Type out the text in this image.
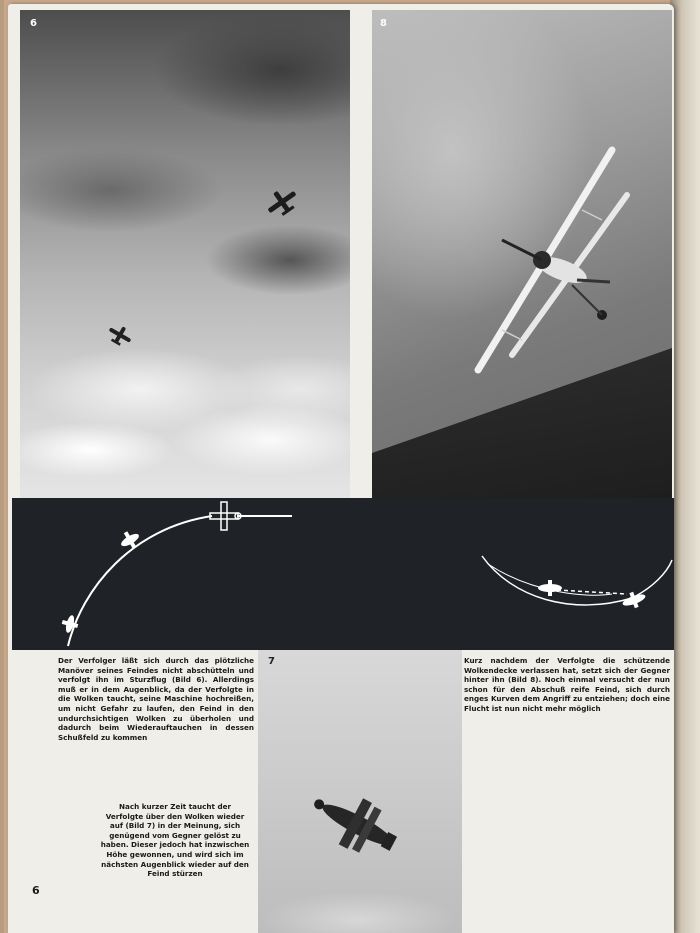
6	8
7
Der Verfolger läßt sich durch das plötzliche Manöver seines Feindes nicht abschütteln und verfolgt ihn im Sturzflug (Bild 6). Allerdings muß er in dem Augenblick, da der Verfolgte in die Wolken taucht, seine Maschine hochreißen, um nicht Gefahr zu laufen, den Feind in den undurchsichtigen Wolken zu überholen und dadurch beim Wiederauftauchen in dessen Schußfeld zu kommen
Kurz nachdem der Verfolgte die schützende Wolkendecke verlassen hat, setzt sich der Gegner hinter ihn (Bild 8). Noch einmal versucht der nun schon für den Abschuß reife Feind, sich durch enges Kurven dem Angriff zu entziehen; doch eine Flucht ist nun nicht mehr möglich
Nach kurzer Zeit taucht der Verfolgte über den Wolken wieder auf (Bild 7) in der Meinung, sich genügend vom Gegner gelöst zu haben. Dieser jedoch hat inzwischen Höhe gewonnen, und wird sich im nächsten Augenblick wieder auf den Feind stürzen
6
